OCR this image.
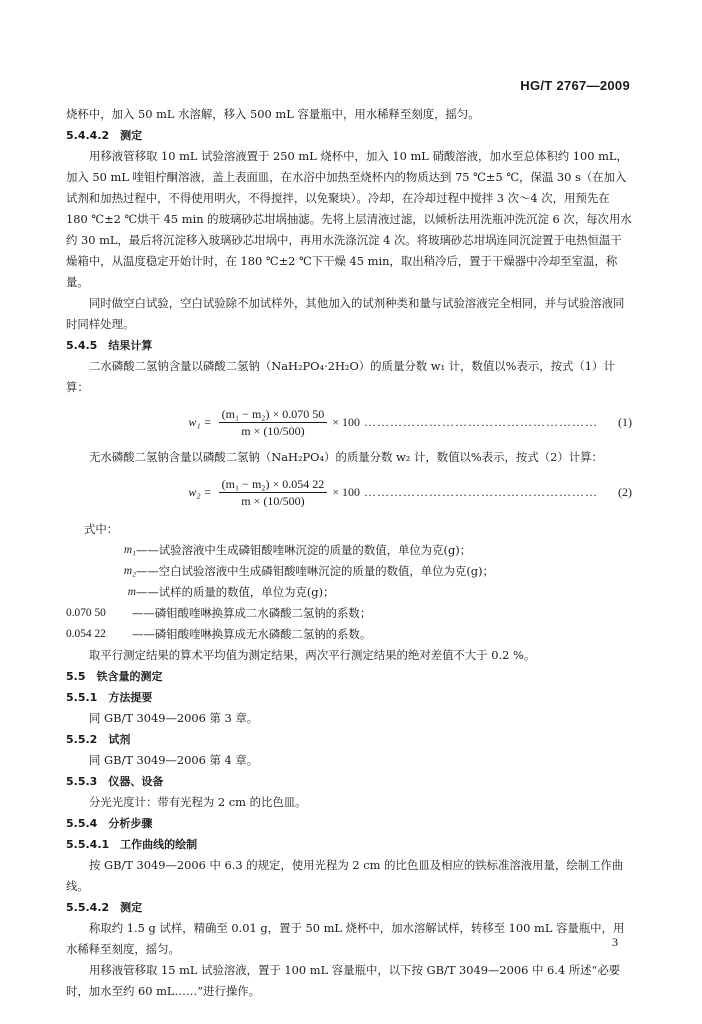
HG/T 2767—2009

烧杯中，加入 50 mL 水溶解，移入 500 mL 容量瓶中，用水稀释至刻度，摇匀。

5.4.4.2　测定

用移液管移取 10 mL 试验溶液置于 250 mL 烧杯中，加入 10 mL 硝酸溶液，加水至总体积约 100 mL，加入 50 mL 喹钼柠酮溶液，盖上表面皿，在水浴中加热至烧杯内的物质达到 75 ℃±5 ℃，保温 30 s（在加入试剂和加热过程中，不得使用明火，不得搅拌，以免聚块）。冷却，在冷却过程中搅拌 3 次～4 次，用预先在 180 ℃±2 ℃烘干 45 min 的玻璃砂芯坩埚抽滤。先将上层清液过滤，以倾析法用洗瓶冲洗沉淀 6 次，每次用水约 30 mL，最后将沉淀移入玻璃砂芯坩埚中，再用水洗涤沉淀 4 次。将玻璃砂芯坩埚连同沉淀置于电热恒温干燥箱中，从温度稳定开始计时，在 180 ℃±2 ℃下干燥 45 min，取出稍冷后，置于干燥器中冷却至室温，称量。

同时做空白试验，空白试验除不加试样外，其他加入的试剂种类和量与试验溶液完全相同，并与试验溶液同时同样处理。

5.4.5　结果计算

二水磷酸二氢钠含量以磷酸二氢钠（NaH₂PO₄·2H₂O）的质量分数 w₁ 计，数值以%表示，按式（1）计算：

$w_1 = \frac{\text{(m₁ − m₂) × 0.070 50}}{m \times (10/500)} \times 100$ ………………………………………………	(1)

无水磷酸二氢钠含量以磷酸二氢钠（NaH₂PO₄）的质量分数 w₂ 计，数值以%表示，按式（2）计算：

$w_2 = \frac{\text{(m₁ − m₂) × 0.054 22}}{m \times (10/500)} \times 100$ ………………………………………………	(2)

式中：

m₁ ——试验溶液中生成磷钼酸喹啉沉淀的质量的数值，单位为克(g)；
m₂ ——空白试验溶液中生成磷钼酸喹啉沉淀的质量的数值，单位为克(g)；
m ——试样的质量的数值，单位为克(g)；
0.070 50	——磷钼酸喹啉换算成二水磷酸二氢钠的系数；
0.054 22	——磷钼酸喹啉换算成无水磷酸二氢钠的系数。

取平行测定结果的算术平均值为测定结果，两次平行测定结果的绝对差值不大于 0.2 %。

5.5　铁含量的测定

5.5.1　方法提要

同 GB/T 3049—2006 第 3 章。

5.5.2　试剂

同 GB/T 3049—2006 第 4 章。

5.5.3　仪器、设备

分光光度计：带有光程为 2 cm 的比色皿。

5.5.4　分析步骤

5.5.4.1　工作曲线的绘制

按 GB/T 3049—2006 中 6.3 的规定，使用光程为 2 cm 的比色皿及相应的铁标准溶液用量，绘制工作曲线。

5.5.4.2　测定

称取约 1.5 g 试样，精确至 0.01 g，置于 50 mL 烧杯中，加水溶解试样，转移至 100 mL 容量瓶中，用水稀释至刻度，摇匀。

用移液管移取 15 mL 试验溶液，置于 100 mL 容量瓶中，以下按 GB/T 3049—2006 中 6.4 所述“必要时，加水至约 60 mL……”进行操作。

3
